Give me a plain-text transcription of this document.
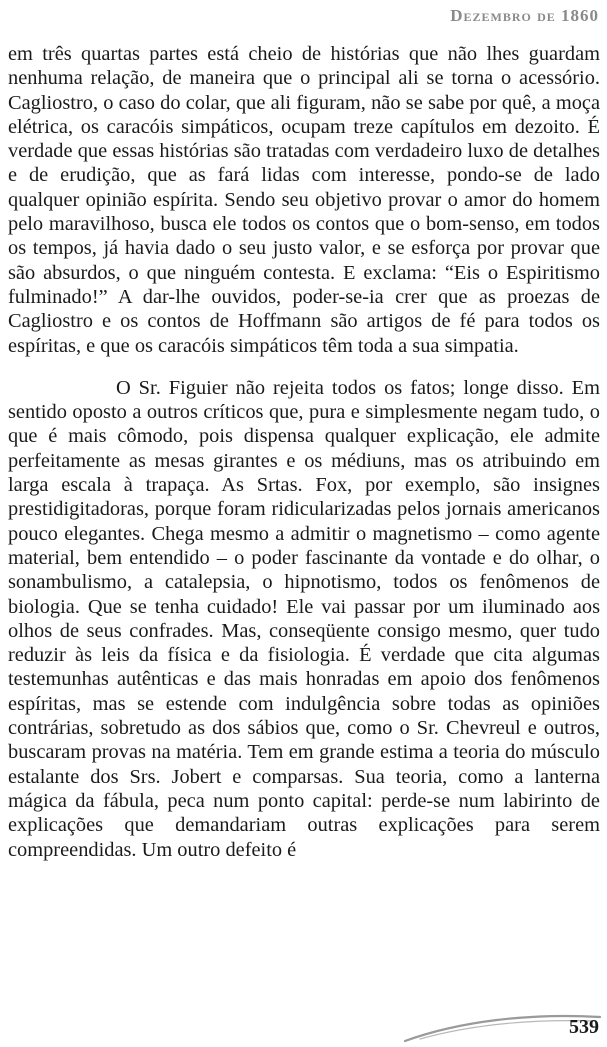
Dezembro de 1860

em três quartas partes está cheio de histórias que não lhes guardam nenhuma relação, de maneira que o principal ali se torna o acessório. Cagliostro, o caso do colar, que ali figuram, não se sabe por quê, a moça elétrica, os caracóis simpáticos, ocupam treze capítulos em dezoito. É verdade que essas histórias são tratadas com verdadeiro luxo de detalhes e de erudição, que as fará lidas com interesse, pondo-se de lado qualquer opinião espírita. Sendo seu objetivo provar o amor do homem pelo maravilhoso, busca ele todos os contos que o bom-senso, em todos os tempos, já havia dado o seu justo valor, e se esforça por provar que são absurdos, o que ninguém contesta. E exclama: “Eis o Espiritismo fulminado!” A dar-lhe ouvidos, poder-se-ia crer que as proezas de Cagliostro e os contos de Hoffmann são artigos de fé para todos os espíritas, e que os caracóis simpáticos têm toda a sua simpatia.

O Sr. Figuier não rejeita todos os fatos; longe disso. Em sentido oposto a outros críticos que, pura e simplesmente negam tudo, o que é mais cômodo, pois dispensa qualquer explicação, ele admite perfeitamente as mesas girantes e os médiuns, mas os atribuindo em larga escala à trapaça. As Srtas. Fox, por exemplo, são insignes prestidigitadoras, porque foram ridicularizadas pelos jornais americanos pouco elegantes. Chega mesmo a admitir o magnetismo – como agente material, bem entendido – o poder fascinante da vontade e do olhar, o sonambulismo, a catalepsia, o hipnotismo, todos os fenômenos de biologia. Que se tenha cuidado! Ele vai passar por um iluminado aos olhos de seus confrades. Mas, conseqüente consigo mesmo, quer tudo reduzir às leis da física e da fisiologia. É verdade que cita algumas testemunhas autênticas e das mais honradas em apoio dos fenômenos espíritas, mas se estende com indulgência sobre todas as opiniões contrárias, sobretudo as dos sábios que, como o Sr. Chevreul e outros, buscaram provas na matéria. Tem em grande estima a teoria do músculo estalante dos Srs. Jobert e comparsas. Sua teoria, como a lanterna mágica da fábula, peca num ponto capital: perde-se num labirinto de explicações que demandariam outras explicações para serem compreendidas. Um outro defeito é

539
